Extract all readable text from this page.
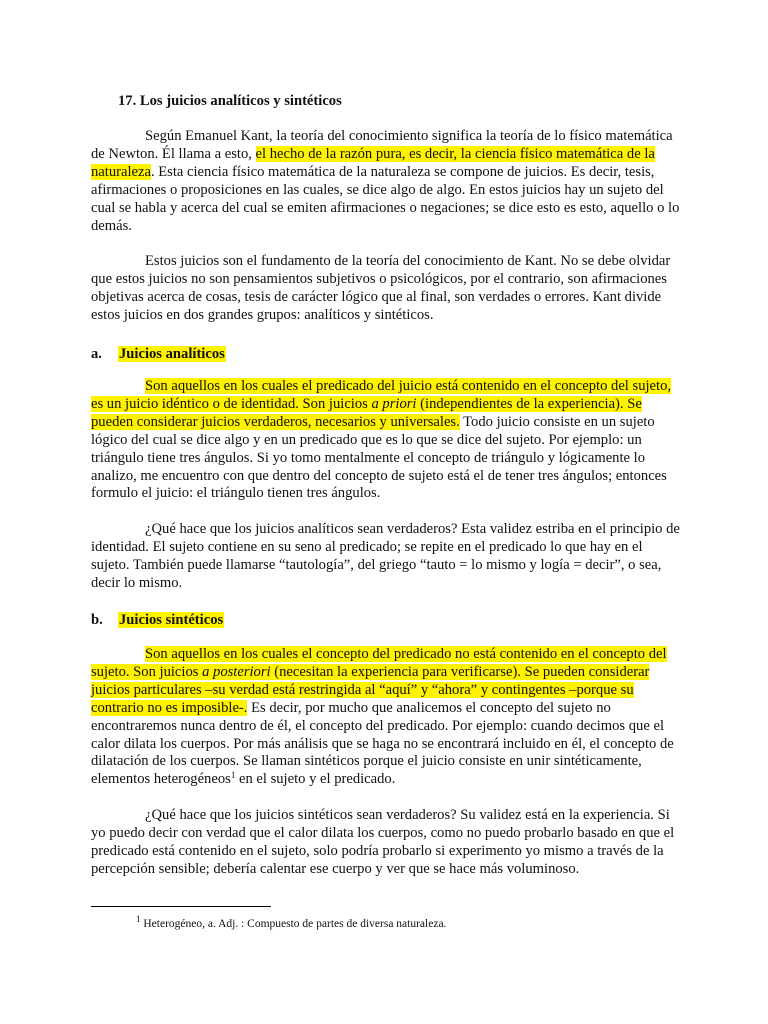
17. Los juicios analíticos y sintéticos

Según Emanuel Kant, la teoría del conocimiento significa la teoría de lo físico matemática de Newton. Él llama a esto, el hecho de la razón pura, es decir, la ciencia físico matemática de la naturaleza. Esta ciencia físico matemática de la naturaleza se compone de juicios. Es decir, tesis, afirmaciones o proposiciones en las cuales, se dice algo de algo. En estos juicios hay un sujeto del cual se habla y acerca del cual se emiten afirmaciones o negaciones; se dice esto es esto, aquello o lo demás.

Estos juicios son el fundamento de la teoría del conocimiento de Kant. No se debe olvidar que estos juicios no son pensamientos subjetivos o psicológicos, por el contrario, son afirmaciones objetivas acerca de cosas, tesis de carácter lógico que al final, son verdades o errores. Kant divide estos juicios en dos grandes grupos: analíticos y sintéticos.

a. Juicios analíticos

Son aquellos en los cuales el predicado del juicio está contenido en el concepto del sujeto, es un juicio idéntico o de identidad. Son juicios a priori (independientes de la experiencia). Se pueden considerar juicios verdaderos, necesarios y universales. Todo juicio consiste en un sujeto lógico del cual se dice algo y en un predicado que es lo que se dice del sujeto. Por ejemplo: un triángulo tiene tres ángulos. Si yo tomo mentalmente el concepto de triángulo y lógicamente lo analizo, me encuentro con que dentro del concepto de sujeto está el de tener tres ángulos; entonces formulo el juicio: el triángulo tienen tres ángulos.

¿Qué hace que los juicios analíticos sean verdaderos? Esta validez estriba en el principio de identidad. El sujeto contiene en su seno al predicado; se repite en el predicado lo que hay en el sujeto. También puede llamarse “tautología”, del griego “tauto = lo mismo y logía = decir”, o sea, decir lo mismo.

b. Juicios sintéticos

Son aquellos en los cuales el concepto del predicado no está contenido en el concepto del sujeto. Son juicios a posteriori (necesitan la experiencia para verificarse). Se pueden considerar juicios particulares –su verdad está restringida al “aquí” y “ahora” y contingentes –porque su contrario no es imposible-. Es decir, por mucho que analicemos el concepto del sujeto no encontraremos nunca dentro de él, el concepto del predicado. Por ejemplo: cuando decimos que el calor dilata los cuerpos. Por más análisis que se haga no se encontrará incluido en él, el concepto de dilatación de los cuerpos. Se llaman sintéticos porque el juicio consiste en unir sintéticamente, elementos heterogéneos$^1$ en el sujeto y el predicado.

¿Qué hace que los juicios sintéticos sean verdaderos? Su validez está en la experiencia. Si yo puedo decir con verdad que el calor dilata los cuerpos, como no puedo probarlo basado en que el predicado está contenido en el sujeto, solo podría probarlo si experimento yo mismo a través de la percepción sensible; debería calentar ese cuerpo y ver que se hace más voluminoso.

$^1$ Heterogéneo, a. Adj. : Compuesto de partes de diversa naturaleza.
